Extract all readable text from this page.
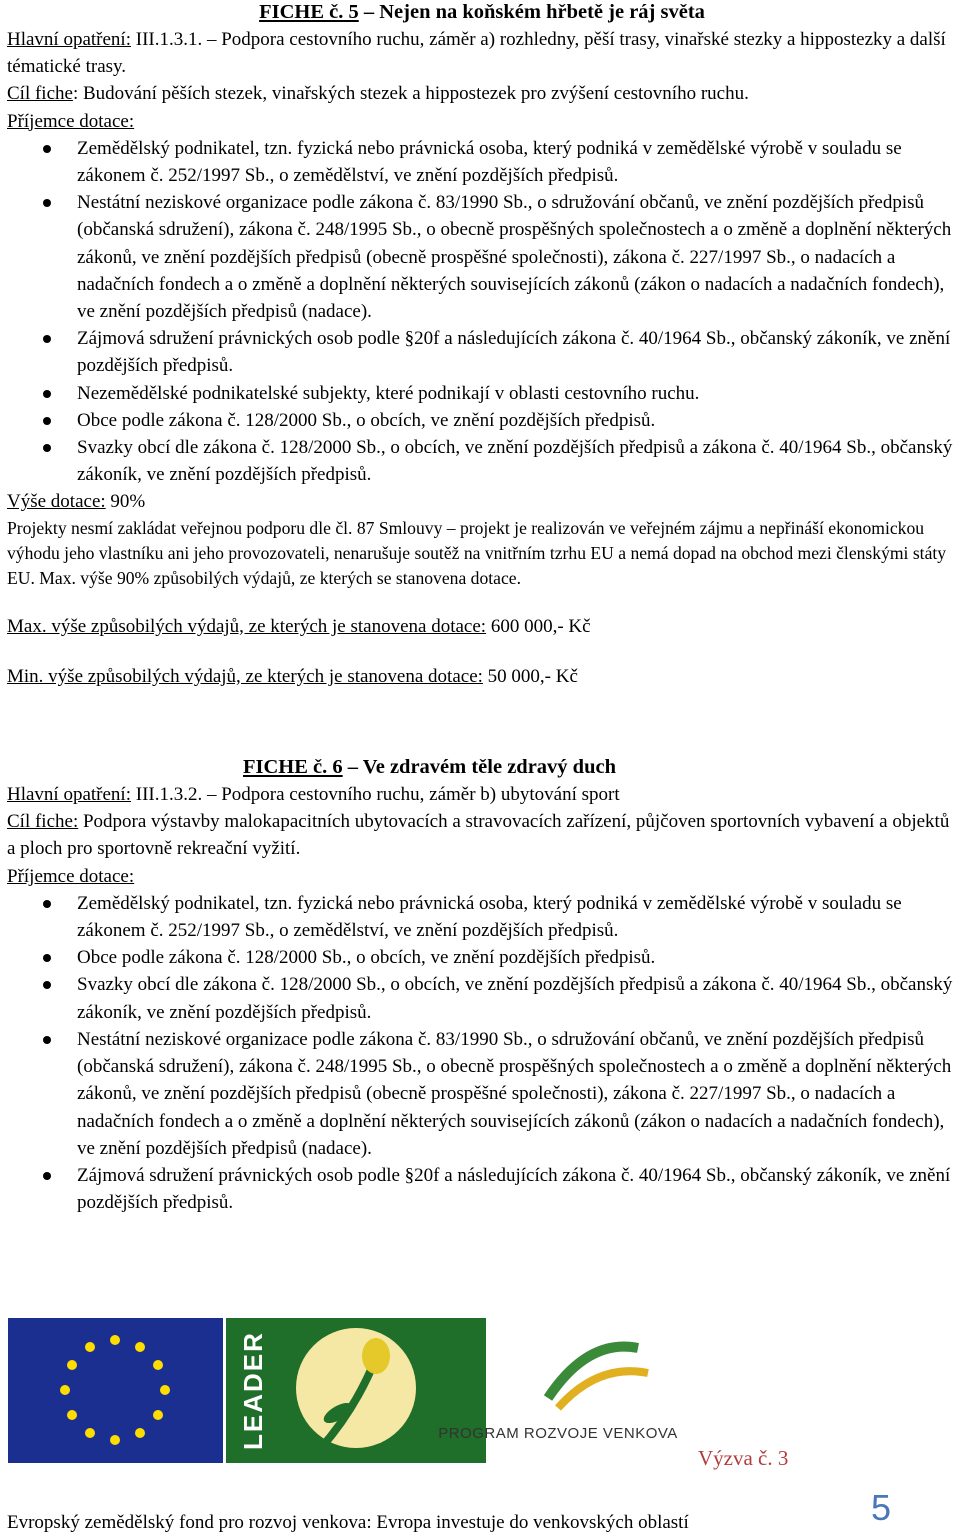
FICHE č. 5 – Nejen na koňském hřbetě je ráj světa

Hlavní opatření: III.1.3.1. – Podpora cestovního ruchu, záměr a) rozhledny, pěší trasy, vinařské stezky a hippostezky a další tématické trasy.

Cíl fiche: Budování pěších stezek, vinařských stezek a hippostezek pro zvýšení cestovního ruchu.

Příjemce dotace:

Zemědělský podnikatel, tzn. fyzická nebo právnická osoba, který podniká v zemědělské výrobě v souladu se zákonem č. 252/1997 Sb., o zemědělství, ve znění pozdějších předpisů.
Nestátní neziskové organizace podle zákona č. 83/1990 Sb., o sdružování občanů, ve znění pozdějších předpisů (občanská sdružení), zákona č. 248/1995 Sb., o obecně prospěšných společnostech a o změně a doplnění některých zákonů, ve znění pozdějších předpisů (obecně prospěšné společnosti), zákona č. 227/1997 Sb., o nadacích a nadačních fondech a o změně a doplnění některých souvisejících zákonů (zákon o nadacích a nadačních fondech), ve znění pozdějších předpisů (nadace).
Zájmová sdružení právnických osob podle §20f a následujících zákona č. 40/1964 Sb., občanský zákoník, ve znění pozdějších předpisů.
Nezemědělské podnikatelské subjekty, které podnikají v oblasti cestovního ruchu.
Obce podle zákona č. 128/2000 Sb., o obcích, ve znění pozdějších předpisů.
Svazky obcí dle zákona č. 128/2000 Sb., o obcích, ve znění pozdějších předpisů a zákona č. 40/1964 Sb., občanský zákoník, ve znění pozdějších předpisů.

Výše dotace: 90%

Projekty nesmí zakládat veřejnou podporu dle čl. 87 Smlouvy – projekt je realizován ve veřejném zájmu a nepřináší ekonomickou výhodu jeho vlastníku ani jeho provozovateli, nenarušuje soutěž na vnitřním tzrhu EU a nemá dopad na obchod mezi členskými státy EU. Max. výše 90% způsobilých výdajů, ze kterých se stanovena dotace.

Max. výše způsobilých výdajů, ze kterých je stanovena dotace: 600 000,- Kč

Min. výše způsobilých výdajů, ze kterých je stanovena dotace: 50 000,- Kč

FICHE č. 6 – Ve zdravém těle zdravý duch

Hlavní opatření: III.1.3.2. – Podpora cestovního ruchu, záměr b) ubytování sport

Cíl fiche: Podpora výstavby malokapacitních ubytovacích a stravovacích zařízení, půjčoven sportovních vybavení a objektů a ploch pro sportovně rekreační vyžití.

Příjemce dotace:

Zemědělský podnikatel, tzn. fyzická nebo právnická osoba, který podniká v zemědělské výrobě v souladu se zákonem č. 252/1997 Sb., o zemědělství, ve znění pozdějších předpisů.
Obce podle zákona č. 128/2000 Sb., o obcích, ve znění pozdějších předpisů.
Svazky obcí dle zákona č. 128/2000 Sb., o obcích, ve znění pozdějších předpisů a zákona č. 40/1964 Sb., občanský zákoník, ve znění pozdějších předpisů.
Nestátní neziskové organizace podle zákona č. 83/1990 Sb., o sdružování občanů, ve znění pozdějších předpisů (občanská sdružení), zákona č. 248/1995 Sb., o obecně prospěšných společnostech a o změně a doplnění některých zákonů, ve znění pozdějších předpisů (obecně prospěšné společnosti), zákona č. 227/1997 Sb., o nadacích a nadačních fondech a o změně a doplnění některých souvisejících zákonů (zákon o nadacích a nadačních fondech), ve znění pozdějších předpisů (nadace).
Zájmová sdružení právnických osob podle §20f a následujících zákona č. 40/1964 Sb., občanský zákoník, ve znění pozdějších předpisů.
LEADER	PROGRAM ROZVOJE VENKOVA
Výzva č. 3
Evropský zemědělský fond pro rozvoj venkova: Evropa investuje do venkovských oblastí	5
